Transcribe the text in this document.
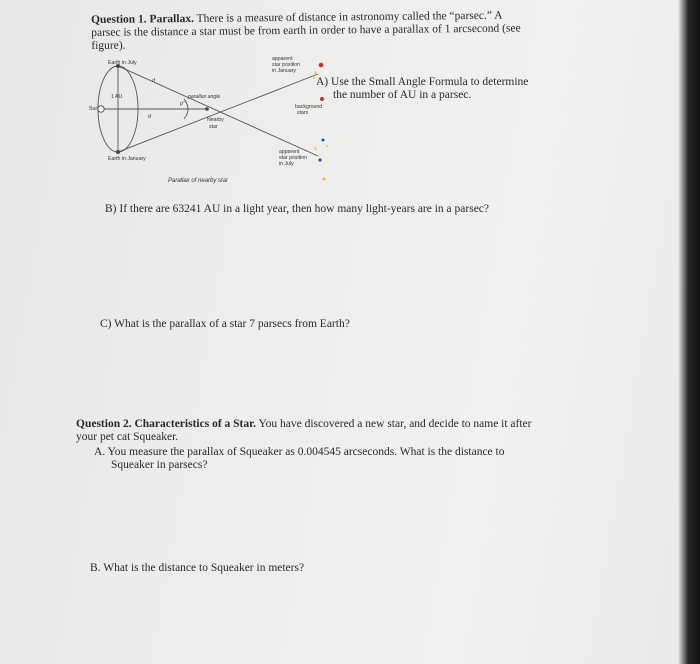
Question 1. Parallax. There is a measure of distance in astronomy called the “parsec.” A parsec is the distance a star must be from earth in order to have a parallax of 1 arcsecond (see figure).

Earth in July
Earth in January
Sun
1 AU
d
d
parallax angle
p″
Nearby
star
apparent
star position
in January
background
stars
apparent
star position
in July
Parallax of nearby star

A) Use the Small Angle Formula to determine
the number of AU in a parsec.

B) If there are 63241 AU in a light year, then how many light-years are in a parsec?

C) What is the parallax of a star 7 parsecs from Earth?

Question 2. Characteristics of a Star. You have discovered a new star, and decide to name it after your pet cat Squeaker.

A. You measure the parallax of Squeaker as 0.004545 arcseconds. What is the distance to
Squeaker in parsecs?

B. What is the distance to Squeaker in meters?
